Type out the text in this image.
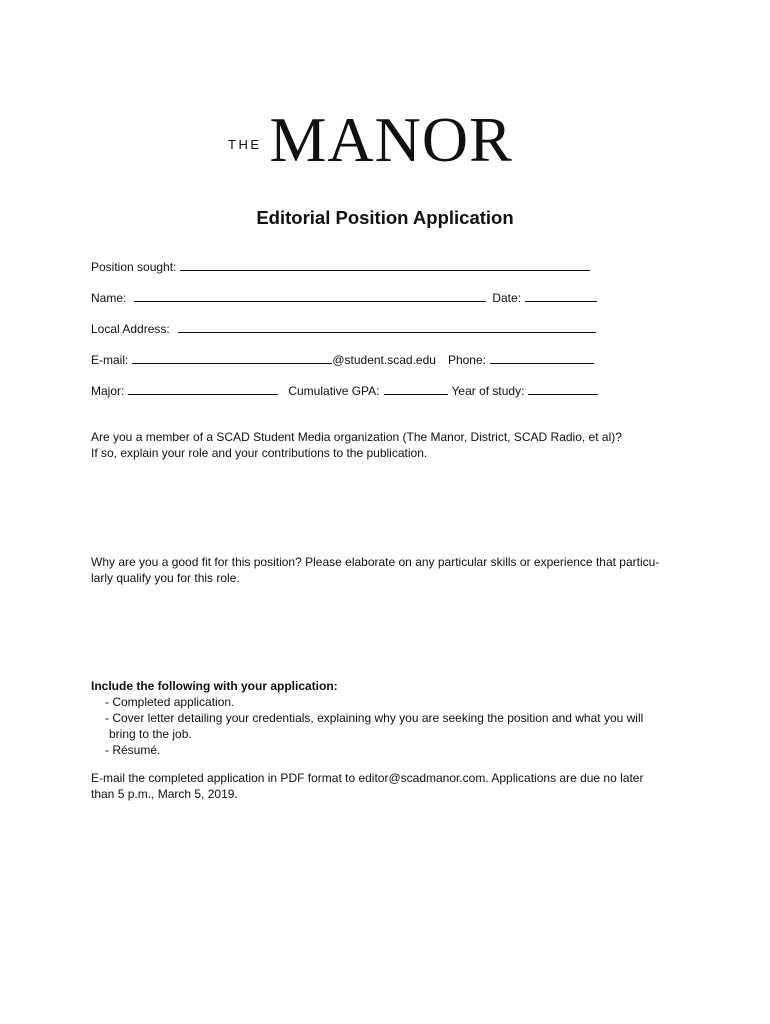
THE MANOR
Editorial Position Application
Position sought:
Name:	Date:
Local Address:
E-mail:	@student.scad.edu Phone:
Major:	Cumulative GPA:	Year of study:
Are you a member of a SCAD Student Media organization (The Manor, District, SCAD Radio, et al)?
If so, explain your role and your contributions to the publication.
Why are you a good fit for this position? Please elaborate on any particular skills or experience that particu-
larly qualify you for this role.
Include the following with your application:
- Completed application.
- Cover letter detailing your credentials, explaining why you are seeking the position and what you will
bring to the job.
- Résumé.
E-mail the completed application in PDF format to editor@scadmanor.com. Applications are due no later
than 5 p.m., March 5, 2019.
